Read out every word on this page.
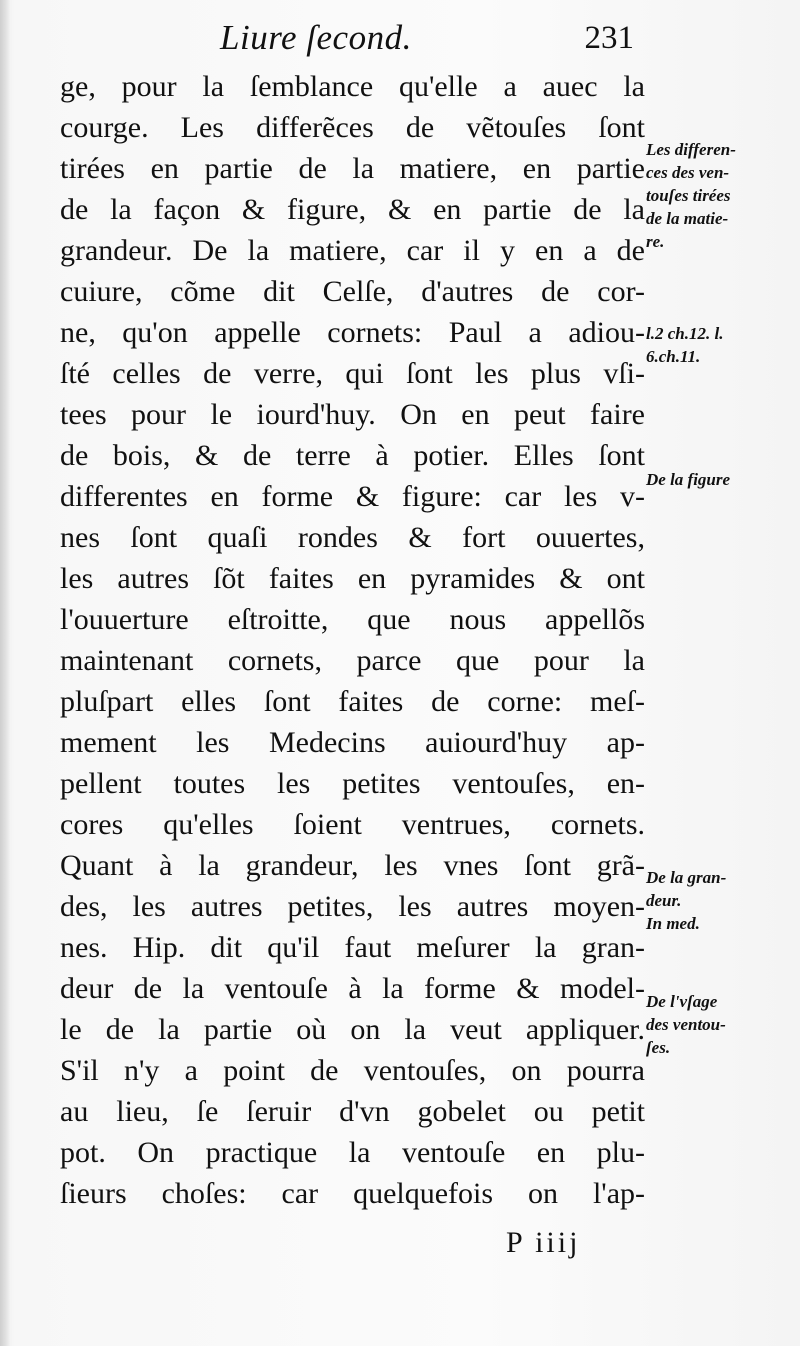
Liure ſecond.	231
ge, pour la ſemblance qu'elle a auec la
courge. Les differẽces de vẽtouſes ſont
tirées en partie de la matiere, en partie
de la façon & figure, & en partie de la
grandeur. De la matiere, car il y en a de
cuiure, cõme dit Celſe, d'autres de cor-
ne, qu'on appelle cornets: Paul a adiou-
ſté celles de verre, qui ſont les plus vſi-
tees pour le iourd'huy. On en peut faire
de bois, & de terre à potier. Elles ſont
differentes en forme & figure: car les v-
nes ſont quaſi rondes & fort ouuertes,
les autres ſõt faites en pyramides & ont
l'ouuerture eſtroitte, que nous appellõs
maintenant cornets, parce que pour la
pluſpart elles ſont faites de corne: meſ-
mement les Medecins auiourd'huy ap-
pellent toutes les petites ventouſes, en-
cores qu'elles ſoient ventrues, cornets.
Quant à la grandeur, les vnes ſont grã-
des, les autres petites, les autres moyen-
nes. Hip. dit qu'il faut meſurer la gran-
deur de la ventouſe à la forme & model-
le de la partie où on la veut appliquer.
S'il n'y a point de ventouſes, on pourra
au lieu, ſe ſeruir d'vn gobelet ou petit
pot. On practique la ventouſe en plu-
ſieurs choſes: car quelquefois on l'ap-
Les differen-
ces des ven-
touſes tirées
de la matie-
re.
l.2 ch.12. l.
6.ch.11.
De la figure
De la gran-
deur.
In med.
De l'vſage
des ventou-
ſes.
P iiij
